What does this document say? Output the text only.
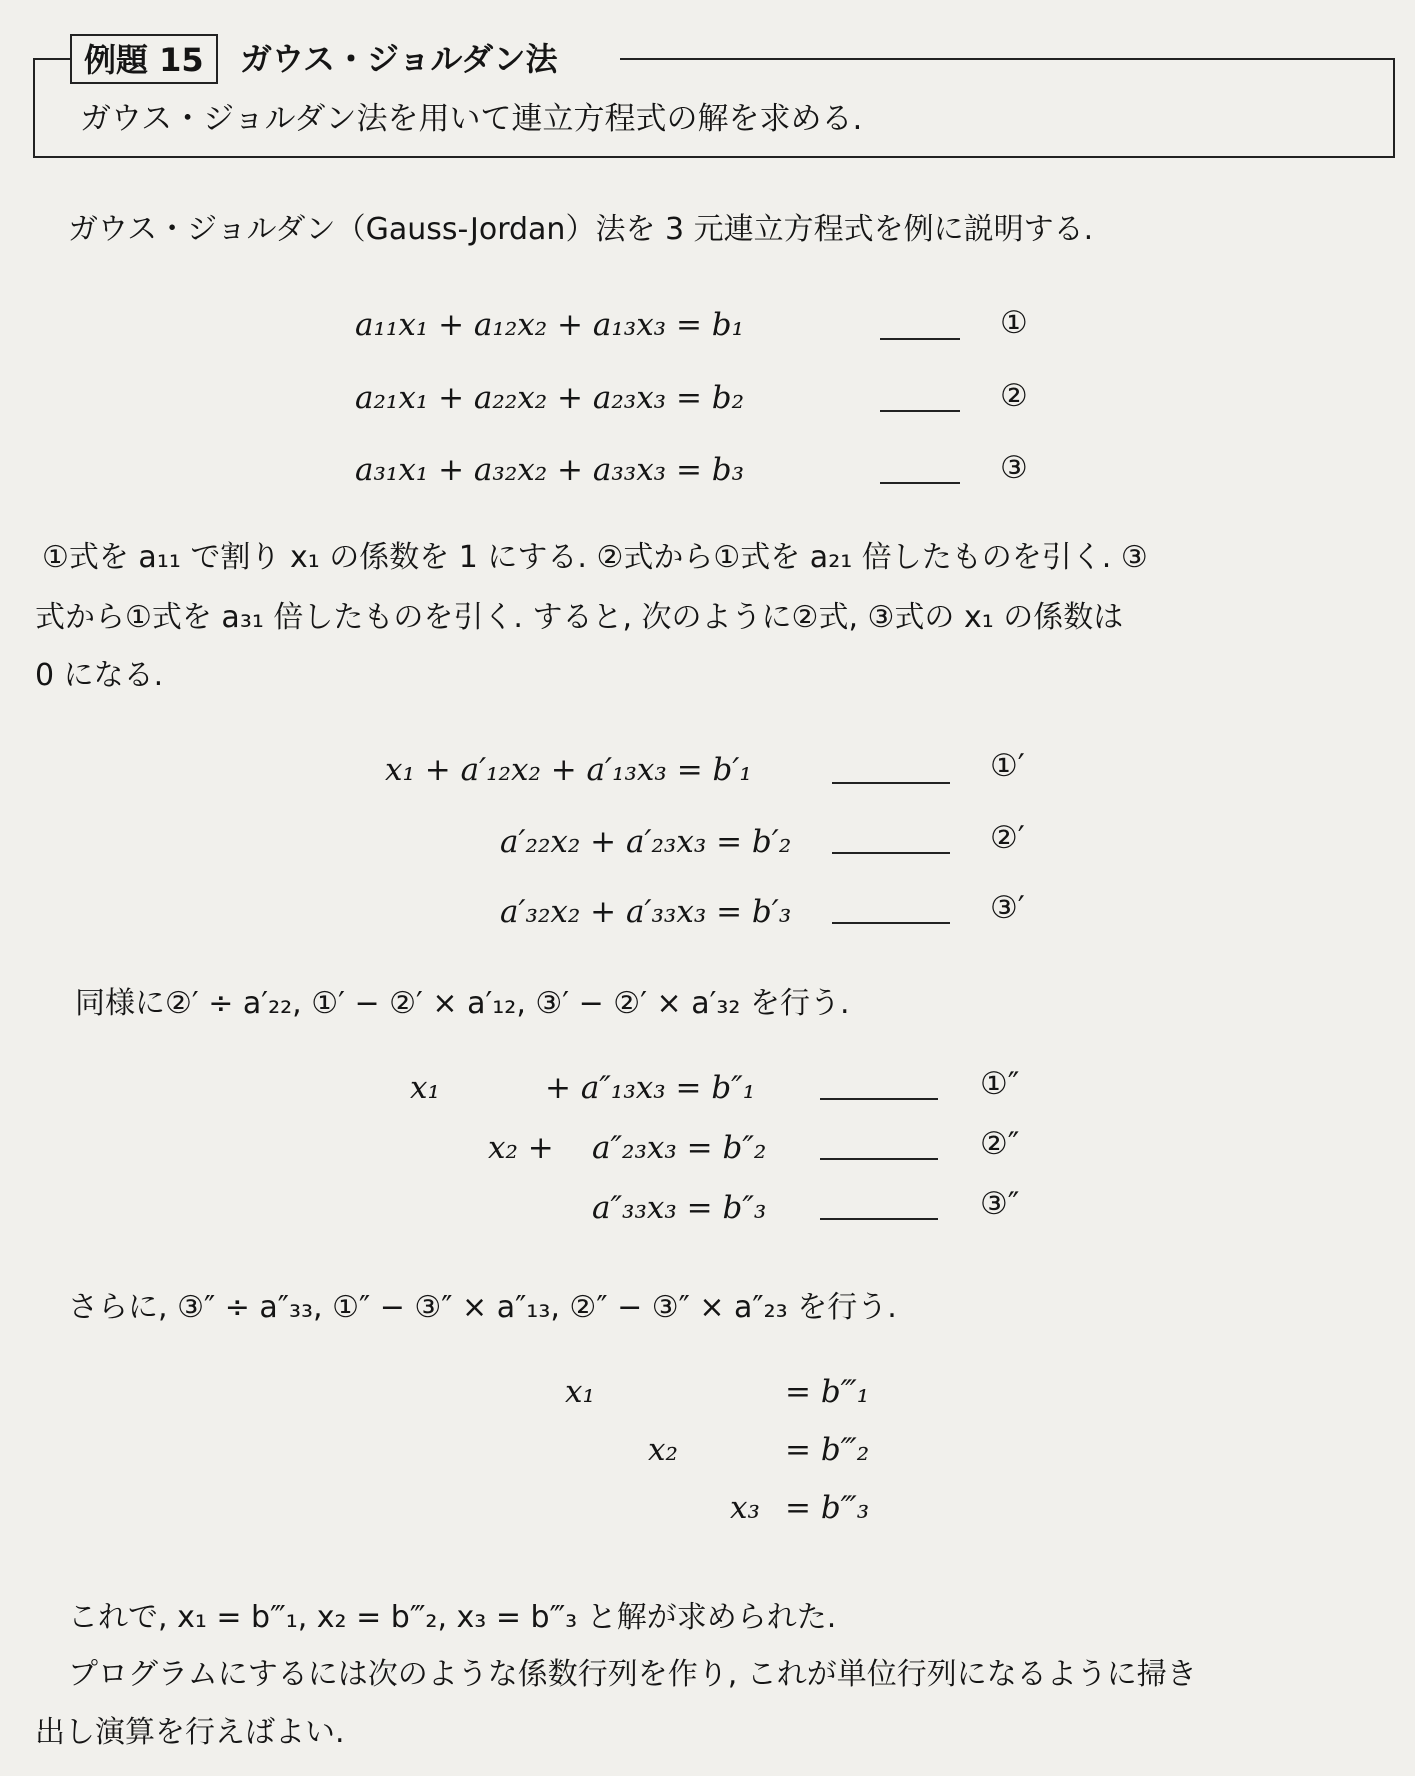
例題 15	ガウス・ジョルダン法
ガウス・ジョルダン法を用いて連立方程式の解を求める.
ガウス・ジョルダン（Gauss-Jordan）法を 3 元連立方程式を例に説明する.
a₁₁x₁ + a₁₂x₂ + a₁₃x₃ = b₁	①
a₂₁x₁ + a₂₂x₂ + a₂₃x₃ = b₂	②
a₃₁x₁ + a₃₂x₂ + a₃₃x₃ = b₃	③
①式を a₁₁ で割り x₁ の係数を 1 にする. ②式から①式を a₂₁ 倍したものを引く. ③
式から①式を a₃₁ 倍したものを引く. すると, 次のように②式, ③式の x₁ の係数は
0 になる.
x₁ + a′₁₂x₂ + a′₁₃x₃ = b′₁	①′
a′₂₂x₂ + a′₂₃x₃ = b′₂	②′
a′₃₂x₂ + a′₃₃x₃ = b′₃	③′
同様に②′ ÷ a′₂₂, ①′ − ②′ × a′₁₂, ③′ − ②′ × a′₃₂ を行う.
x₁	+ a″₁₃x₃ = b″₁	①″
x₂ + a″₂₃x₃ = b″₂	②″
a″₃₃x₃ = b″₃	③″
さらに, ③″ ÷ a″₃₃, ①″ − ③″ × a″₁₃, ②″ − ③″ × a″₂₃ を行う.
x₁	= b‴₁
x₂	= b‴₂
x₃ = b‴₃
これで, x₁ = b‴₁, x₂ = b‴₂, x₃ = b‴₃ と解が求められた.
プログラムにするには次のような係数行列を作り, これが単位行列になるように掃き
出し演算を行えばよい.
